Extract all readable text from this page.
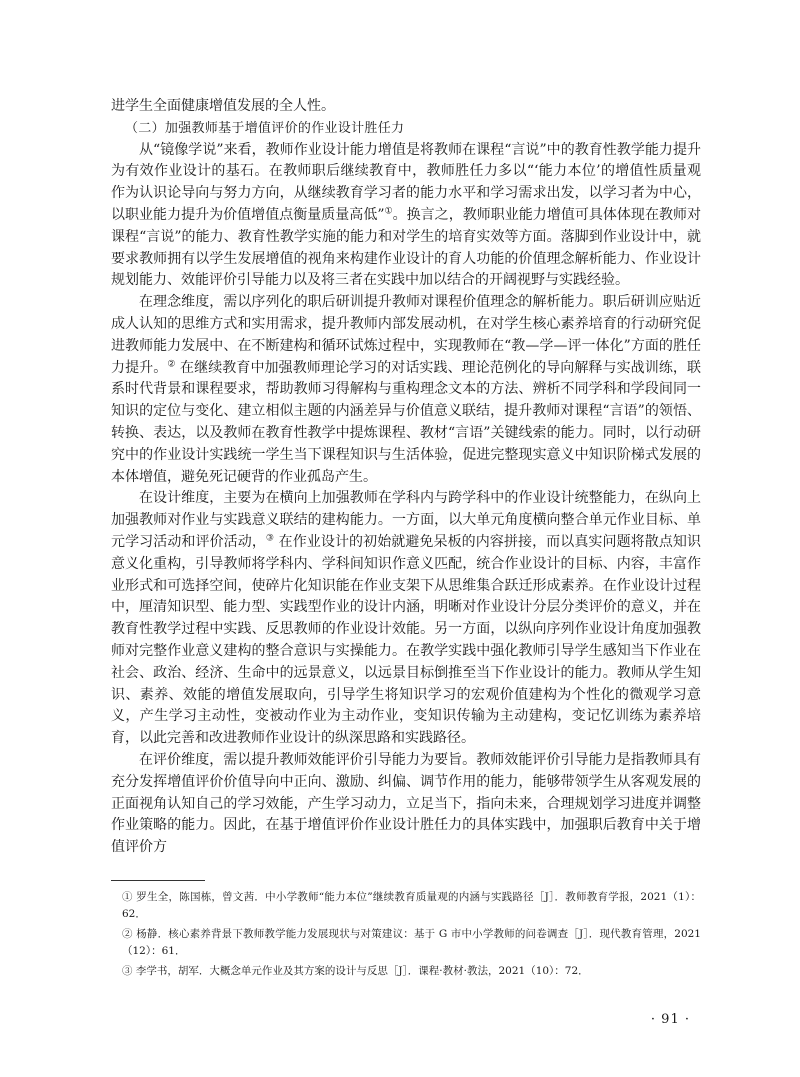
进学生全面健康增值发展的全人性。

（二）加强教师基于增值评价的作业设计胜任力

从“镜像学说”来看，教师作业设计能力增值是将教师在课程“言说”中的教育性教学能力提升为有效作业设计的基石。在教师职后继续教育中，教师胜任力多以“‘能力本位’的增值性质量观作为认识论导向与努力方向，从继续教育学习者的能力水平和学习需求出发，以学习者为中心，以职业能力提升为价值增值点衡量质量高低”①。换言之，教师职业能力增值可具体体现在教师对课程“言说”的能力、教育性教学实施的能力和对学生的培育实效等方面。落脚到作业设计中，就要求教师拥有以学生发展增值的视角来构建作业设计的育人功能的价值理念解析能力、作业设计规划能力、效能评价引导能力以及将三者在实践中加以结合的开阔视野与实践经验。

在理念维度，需以序列化的职后研训提升教师对课程价值理念的解析能力。职后研训应贴近成人认知的思维方式和实用需求，提升教师内部发展动机，在对学生核心素养培育的行动研究促进教师能力发展中、在不断建构和循环试炼过程中，实现教师在“教—学—评一体化”方面的胜任力提升。② 在继续教育中加强教师理论学习的对话实践、理论范例化的导向解释与实战训练，联系时代背景和课程要求，帮助教师习得解构与重构理念文本的方法、辨析不同学科和学段间同一知识的定位与变化、建立相似主题的内涵差异与价值意义联结，提升教师对课程“言语”的领悟、转换、表达，以及教师在教育性教学中提炼课程、教材“言语”关键线索的能力。同时，以行动研究中的作业设计实践统一学生当下课程知识与生活体验，促进完整现实意义中知识阶梯式发展的本体增值，避免死记硬背的作业孤岛产生。

在设计维度，主要为在横向上加强教师在学科内与跨学科中的作业设计统整能力，在纵向上加强教师对作业与实践意义联结的建构能力。一方面，以大单元角度横向整合单元作业目标、单元学习活动和评价活动，③ 在作业设计的初始就避免呆板的内容拼接，而以真实问题将散点知识意义化重构，引导教师将学科内、学科间知识作意义匹配，统合作业设计的目标、内容，丰富作业形式和可选择空间，使碎片化知识能在作业支架下从思维集合跃迁形成素养。在作业设计过程中，厘清知识型、能力型、实践型作业的设计内涵，明晰对作业设计分层分类评价的意义，并在教育性教学过程中实践、反思教师的作业设计效能。另一方面，以纵向序列作业设计角度加强教师对完整作业意义建构的整合意识与实操能力。在教学实践中强化教师引导学生感知当下作业在社会、政治、经济、生命中的远景意义，以远景目标倒推至当下作业设计的能力。教师从学生知识、素养、效能的增值发展取向，引导学生将知识学习的宏观价值建构为个性化的微观学习意义，产生学习主动性，变被动作业为主动作业，变知识传输为主动建构，变记忆训练为素养培育，以此完善和改进教师作业设计的纵深思路和实践路径。

在评价维度，需以提升教师效能评价引导能力为要旨。教师效能评价引导能力是指教师具有充分发挥增值评价价值导向中正向、激励、纠偏、调节作用的能力，能够带领学生从客观发展的正面视角认知自己的学习效能，产生学习动力，立足当下，指向未来，合理规划学习进度并调整作业策略的能力。因此，在基于增值评价作业设计胜任力的具体实践中，加强职后教育中关于增值评价方

① 罗生全，陈国栋，曾文茜．中小学教师“能力本位”继续教育质量观的内涵与实践路径［J］．教师教育学报，2021（1）：62．

② 杨静．核心素养背景下教师教学能力发展现状与对策建议：基于 G 市中小学教师的问卷调查［J］．现代教育管理，2021（12）：61．

③ 李学书，胡军．大概念单元作业及其方案的设计与反思［J］．课程·教材·教法，2021（10）：72．

· 91 ·
